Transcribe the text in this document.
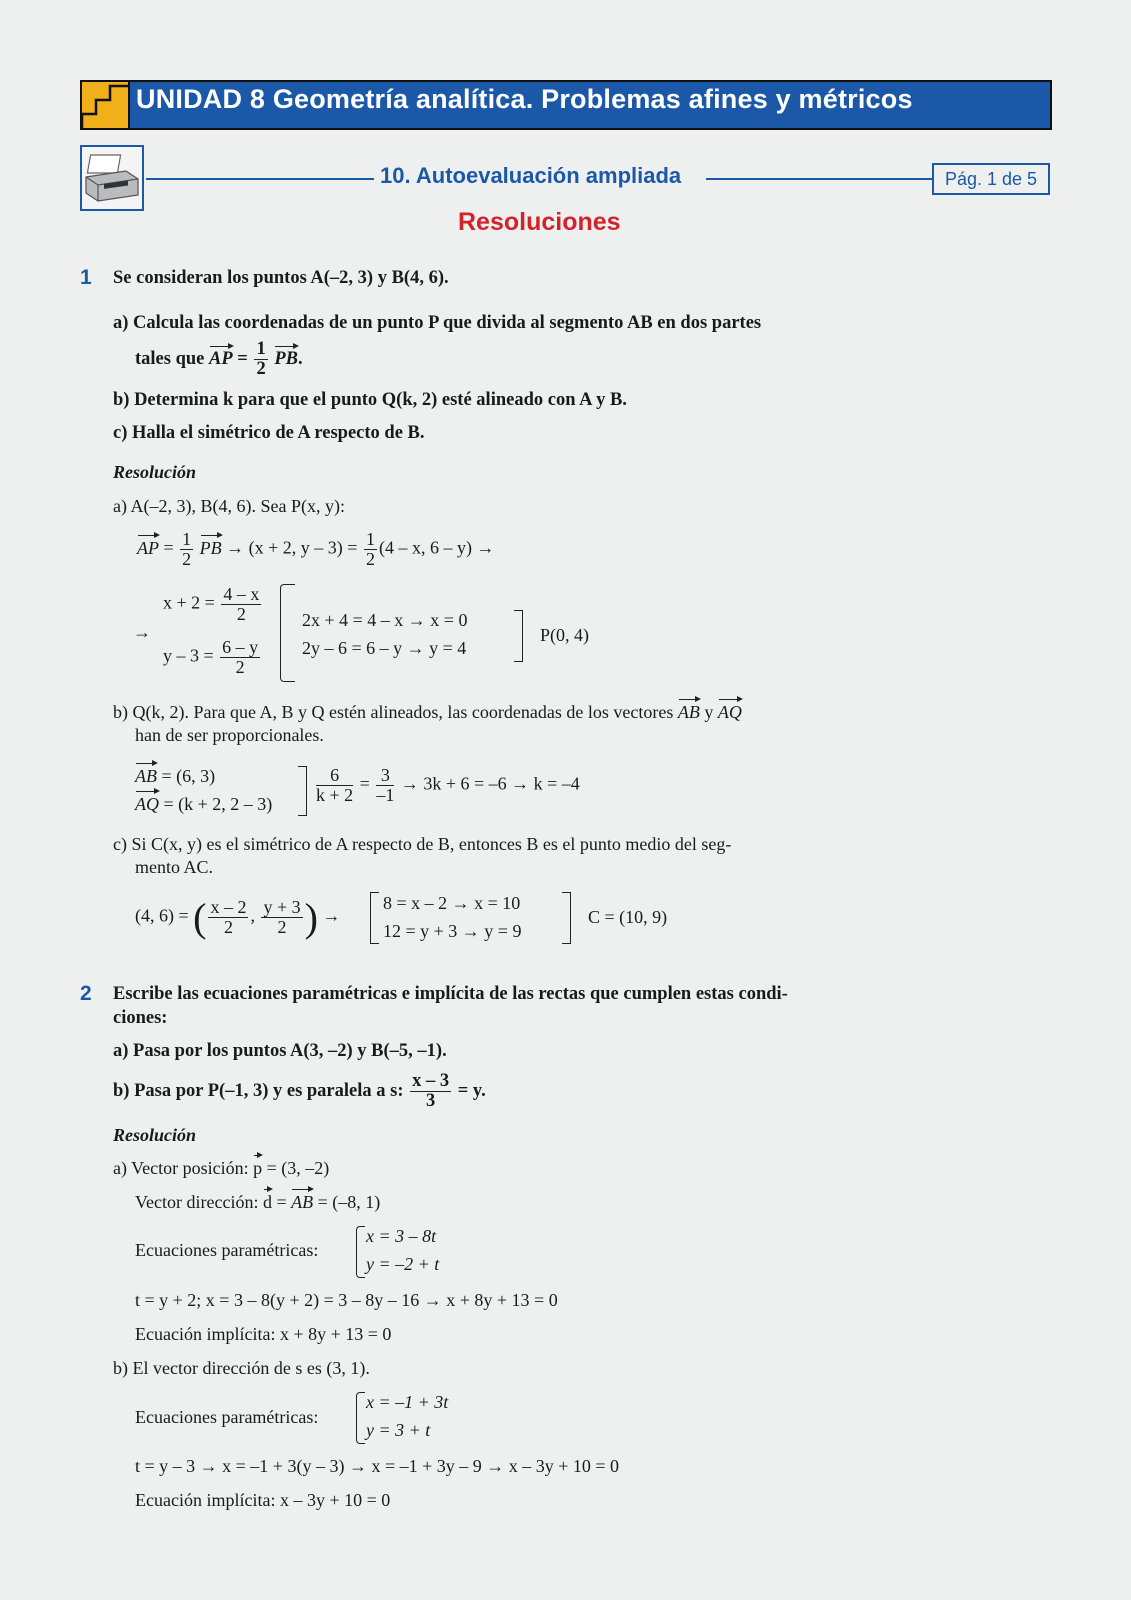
UNIDAD 8 Geometría analítica. Problemas afines y métricos
10. Autoevaluación ampliada	Pág. 1 de 5
Resoluciones
1 Se consideran los puntos A(–2, 3) y B(4, 6).
a) Calcula las coordenadas de un punto P que divida al segmento AB en dos partes
tales que AP = $\frac{1}{2}$ PB.
b) Determina k para que el punto Q(k, 2) esté alineado con A y B.
c) Halla el simétrico de A respecto de B.
Resolución
a) A(–2, 3), B(4, 6). Sea P(x, y):
AP = $\frac{1}{2}$ PB → (x + 2, $y - 3) = \frac{1}{2} (4 - x$, 6 – y) →
→
$x + 2 = \frac{4 - x}{2}$
$y - 3 = \frac{6 - y}{2}$
2x + 4 = 4 – x → x = 0
2y – 6 = 6 – y → y = 4
P(0, 4)
b) Q(k, 2). Para que A, B y Q estén alineados, las coordenadas de los vectores AB y AQ
han de ser proporcionales.
AB = (6, 3)
AQ = (k + 2, $2 - 3) \frac{6}{k + 2} = \frac{3}{-1} \to 3k + 6 = -6 \to k = -4$
c) Si C(x, y) es el simétrico de A respecto de B, entonces B es el punto medio del seg-
mento AC.
(4, 6) = ( $\frac{x - 2}{2}$ , $\frac{y + 3}{2}$ ) →
8 = x – 2 → x = 10
12 = y + 3 → y = 9
C = (10, 9)
2 Escribe las ecuaciones paramétricas e implícita de las rectas que cumplen estas condi-
ciones:
a) Pasa por los puntos A(3, –2) y B(–5, –1).
b) Pasa por P(–1, 3) y es paralela a s: $\frac{x - 3}{3} = y$.
Resolución
a) Vector posición: p = (3, –2)
Vector dirección: d = AB = (–8, 1)
Ecuaciones paramétricas:
x = 3 – 8t
y = –2 + t
t = y + 2; x = 3 – 8(y + 2) = 3 – 8y – 16 → x + 8y + 13 = 0
Ecuación implícita: x + 8y + 13 = 0
b) El vector dirección de s es (3, 1).
Ecuaciones paramétricas:
x = –1 + 3t
y = 3 + t
t = y – 3 → x = –1 + 3(y – 3) → x = –1 + 3y – 9 → x – 3y + 10 = 0
Ecuación implícita: x – 3y + 10 = 0
